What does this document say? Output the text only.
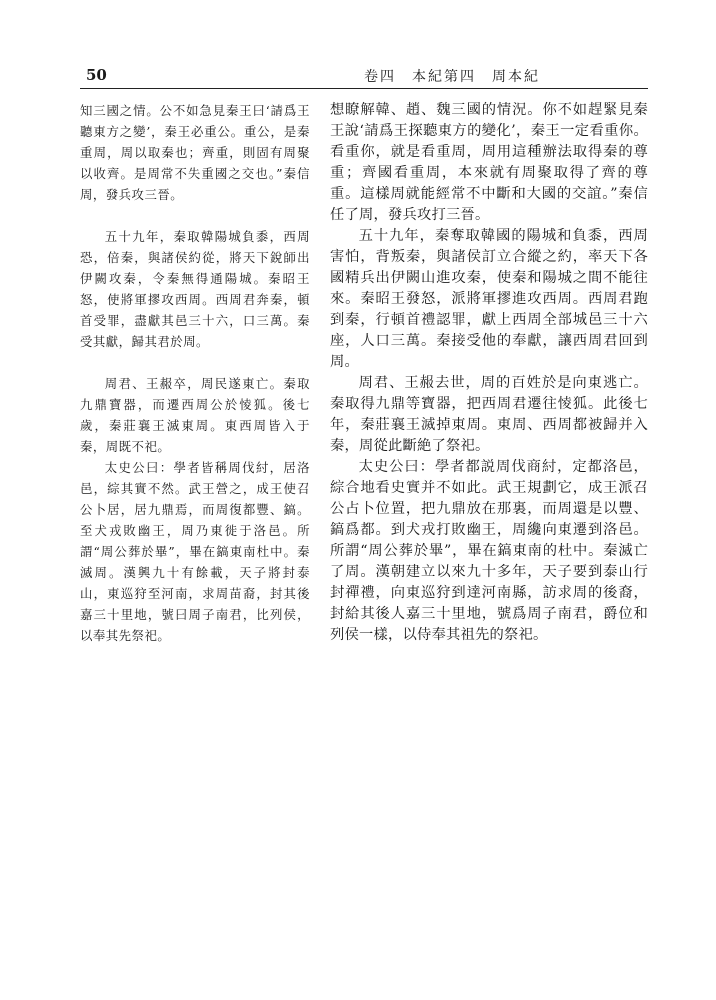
50	卷四　本紀第四　周本紀

知三國之情。公不如急見秦王曰‘請爲王聽東方之變’，秦王必重公。重公，是秦重周，周以取秦也；齊重，則固有周聚以收齊。是周常不失重國之交也。”秦信周，發兵攻三晉。

五十九年，秦取韓陽城負黍，西周恐，倍秦，與諸侯約從，將天下銳師出伊闕攻秦，令秦無得通陽城。秦昭王怒，使將軍摎攻西周。西周君奔秦，頓首受罪，盡獻其邑三十六，口三萬。秦受其獻，歸其君於周。

周君、王赧卒，周民遂東亡。秦取九鼎寶器，而遷西周公於㥄狐。後七歲，秦莊襄王滅東周。東西周皆入于秦，周既不祀。

太史公曰：學者皆稱周伐紂，居洛邑，綜其實不然。武王營之，成王使召公卜居，居九鼎焉，而周復都豐、鎬。至犬戎敗幽王，周乃東徙于洛邑。所謂“周公葬於畢”，畢在鎬東南杜中。秦滅周。漢興九十有餘載，天子將封泰山，東巡狩至河南，求周苗裔，封其後嘉三十里地，號曰周子南君，比列侯，以奉其先祭祀。

想瞭解韓、趙、魏三國的情況。你不如趕緊見秦王說‘請爲王探聽東方的變化’，秦王一定看重你。看重你，就是看重周，周用這種辦法取得秦的尊重；齊國看重周，本來就有周聚取得了齊的尊重。這樣周就能經常不中斷和大國的交誼。”秦信任了周，發兵攻打三晉。

五十九年，秦奪取韓國的陽城和負黍，西周害怕，背叛秦，與諸侯訂立合縱之約，率天下各國精兵出伊闕山進攻秦，使秦和陽城之間不能往來。秦昭王發怒，派將軍摎進攻西周。西周君跑到秦，行頓首禮認罪，獻上西周全部城邑三十六座，人口三萬。秦接受他的奉獻，讓西周君回到周。

周君、王赧去世，周的百姓於是向東逃亡。秦取得九鼎等寶器，把西周君遷往㥄狐。此後七年，秦莊襄王滅掉東周。東周、西周都被歸并入秦，周從此斷絶了祭祀。

太史公曰：學者都説周伐商紂，定都洛邑，綜合地看史實并不如此。武王規劃它，成王派召公占卜位置，把九鼎放在那裏，而周還是以豐、鎬爲都。到犬戎打敗幽王，周纔向東遷到洛邑。所謂“周公葬於畢”，畢在鎬東南的杜中。秦滅亡了周。漢朝建立以來九十多年，天子要到泰山行封禪禮，向東巡狩到達河南縣，訪求周的後裔，封給其後人嘉三十里地，號爲周子南君，爵位和列侯一樣，以侍奉其祖先的祭祀。
